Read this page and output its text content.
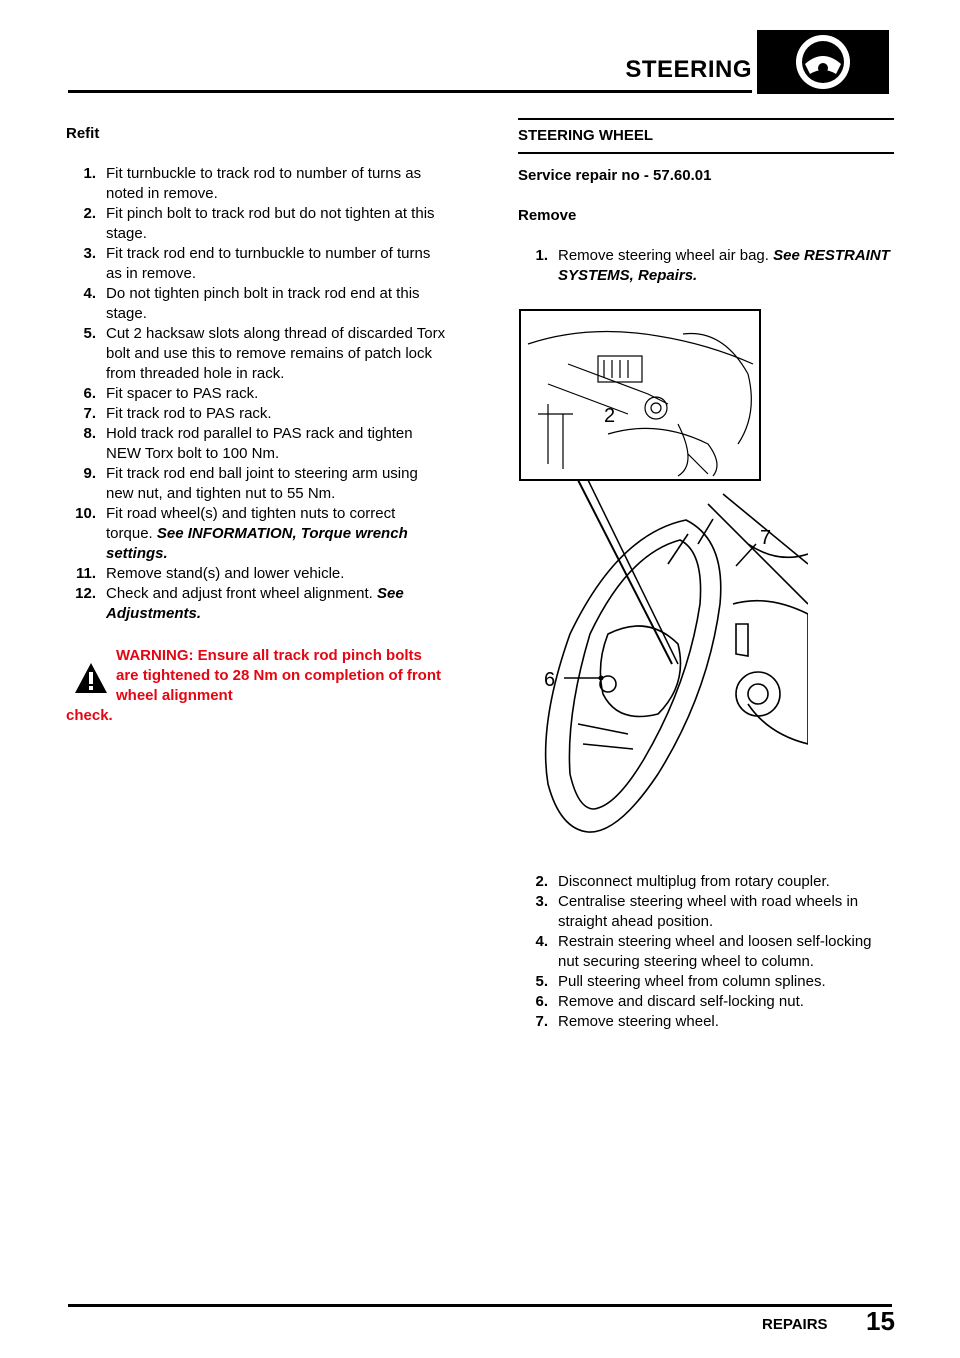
STEERING
Refit
1. Fit turnbuckle to track rod to number of turns as noted in remove.
2. Fit pinch bolt to track rod but do not tighten at this stage.
3. Fit track rod end to turnbuckle to number of turns as in remove.
4. Do not tighten pinch bolt in track rod end at this stage.
5. Cut 2 hacksaw slots along thread of discarded Torx bolt and use this to remove remains of patch lock from threaded hole in rack.
6. Fit spacer to PAS rack.
7. Fit track rod to PAS rack.
8. Hold track rod parallel to PAS rack and tighten NEW Torx bolt to 100 Nm.
9. Fit track rod end ball joint to steering arm using new nut, and tighten nut to 55 Nm.
10. Fit road wheel(s) and tighten nuts to correct torque. See INFORMATION, Torque wrench settings.
11. Remove stand(s) and lower vehicle.
12. Check and adjust front wheel alignment. See Adjustments.
WARNING: Ensure all track rod pinch bolts are tightened to 28 Nm on completion of front wheel alignment
check.
STEERING WHEEL
Service repair no - 57.60.01
Remove
1. Remove steering wheel air bag. See RESTRAINT SYSTEMS, Repairs.
2
7
6
2. Disconnect multiplug from rotary coupler.
3. Centralise steering wheel with road wheels in straight ahead position.
4. Restrain steering wheel and loosen self-locking nut securing steering wheel to column.
5. Pull steering wheel from column splines.
6. Remove and discard self-locking nut.
7. Remove steering wheel.
REPAIRS 15
